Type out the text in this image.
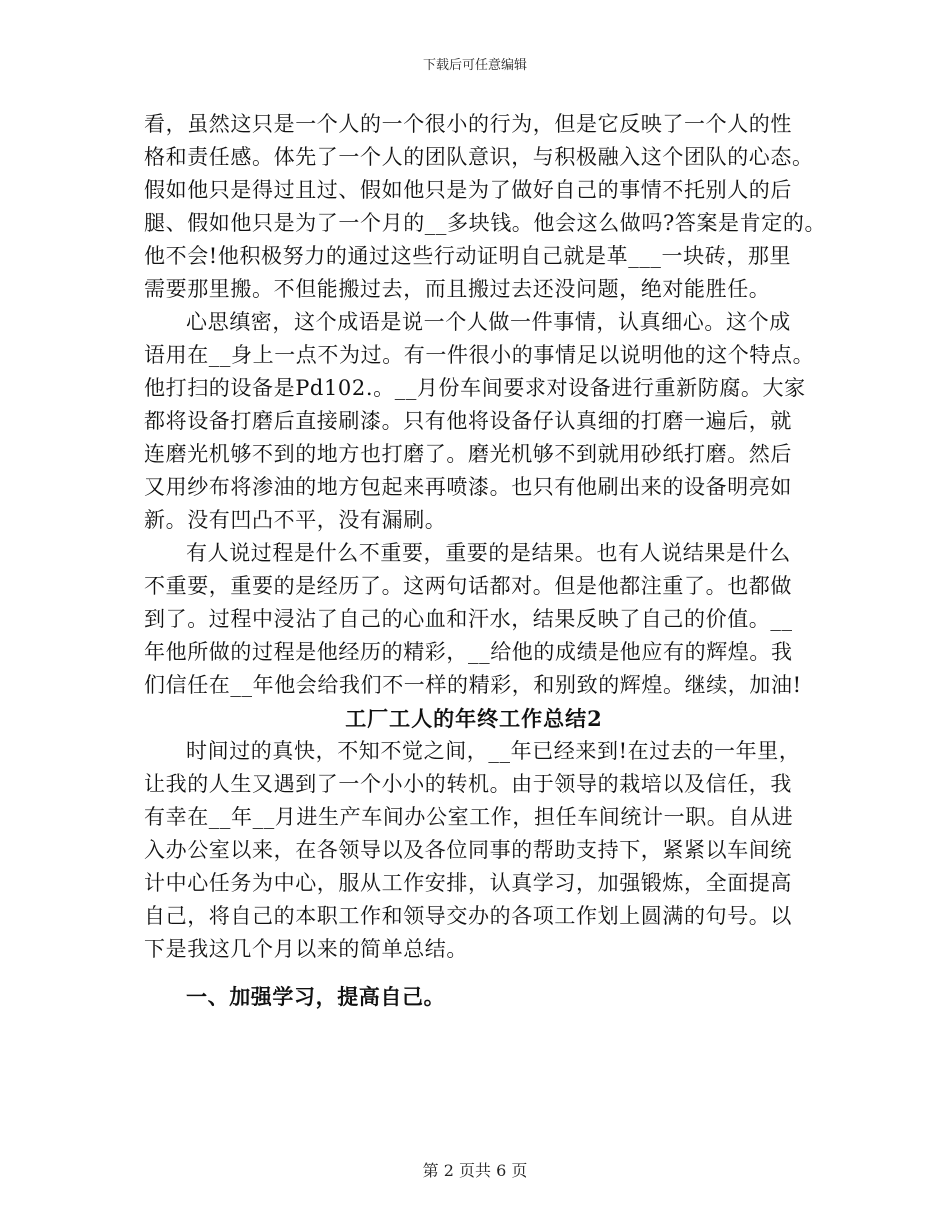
下载后可任意编辑
看，虽然这只是一个人的一个很小的行为，但是它反映了一个人的性
格和责任感。体先了一个人的团队意识，与积极融入这个团队的心态。
假如他只是得过且过、假如他只是为了做好自己的事情不托别人的后
腿、假如他只是为了一个月的__多块钱。他会这么做吗?答案是肯定的。
他不会!他积极努力的通过这些行动证明自己就是革___一块砖，那里
需要那里搬。不但能搬过去，而且搬过去还没问题，绝对能胜任。
心思缜密，这个成语是说一个人做一件事情，认真细心。这个成
语用在__身上一点不为过。有一件很小的事情足以说明他的这个特点。
他打扫的设备是Pd102.。__月份车间要求对设备进行重新防腐。大家
都将设备打磨后直接刷漆。只有他将设备仔认真细的打磨一遍后，就
连磨光机够不到的地方也打磨了。磨光机够不到就用砂纸打磨。然后
又用纱布将渗油的地方包起来再喷漆。也只有他刷出来的设备明亮如
新。没有凹凸不平，没有漏刷。
有人说过程是什么不重要，重要的是结果。也有人说结果是什么
不重要，重要的是经历了。这两句话都对。但是他都注重了。也都做
到了。过程中浸沾了自己的心血和汗水，结果反映了自己的价值。__
年他所做的过程是他经历的精彩，__给他的成绩是他应有的辉煌。我
们信任在__年他会给我们不一样的精彩，和别致的辉煌。继续，加油!
工厂工人的年终工作总结2
时间过的真快，不知不觉之间，__年已经来到!在过去的一年里，
让我的人生又遇到了一个小小的转机。由于领导的栽培以及信任，我
有幸在__年__月进生产车间办公室工作，担任车间统计一职。自从进
入办公室以来，在各领导以及各位同事的帮助支持下，紧紧以车间统
计中心任务为中心，服从工作安排，认真学习，加强锻炼，全面提高
自己，将自己的本职工作和领导交办的各项工作划上圆满的句号。以
下是我这几个月以来的简单总结。
一、加强学习，提高自己。
第 2 页共 6 页
